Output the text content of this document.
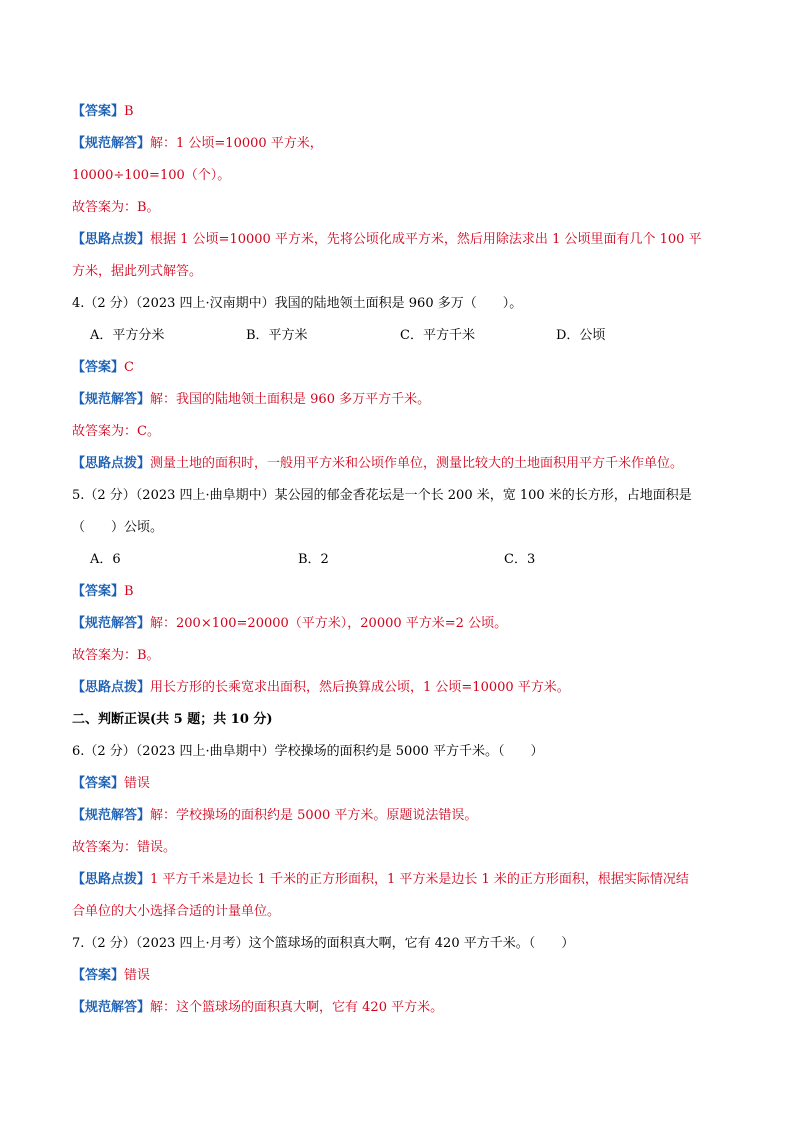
【答案】B
【规范解答】解：1 公顷=10000 平方米，
10000÷100=100（个）。
故答案为：B。
【思路点拨】根据 1 公顷=10000 平方米，先将公顷化成平方米，然后用除法求出 1 公顷里面有几个 100 平
方米，据此列式解答。
4.（2 分）（2023 四上·汉南期中）我国的陆地领土面积是 960 多万（　　）。
A．平方分米	B．平方米	C．平方千米	D．公顷
【答案】C
【规范解答】解：我国的陆地领土面积是 960 多万平方千米。
故答案为：C。
【思路点拨】测量土地的面积时，一般用平方米和公顷作单位，测量比较大的土地面积用平方千米作单位。
5.（2 分）（2023 四上·曲阜期中）某公园的郁金香花坛是一个长 200 米，宽 100 米的长方形，占地面积是
（　　）公顷。
A．6	B．2	C．3
【答案】B
【规范解答】解：200×100=20000（平方米），20000 平方米=2 公顷。
故答案为：B。
【思路点拨】用长方形的长乘宽求出面积，然后换算成公顷，1 公顷=10000 平方米。
二、判断正误(共 5 题；共 10 分)
6.（2 分）（2023 四上·曲阜期中）学校操场的面积约是 5000 平方千米。（　　）
【答案】错误
【规范解答】解：学校操场的面积约是 5000 平方米。原题说法错误。
故答案为：错误。
【思路点拨】1 平方千米是边长 1 千米的正方形面积，1 平方米是边长 1 米的正方形面积，根据实际情况结
合单位的大小选择合适的计量单位。
7.（2 分）（2023 四上·月考）这个篮球场的面积真大啊，它有 420 平方千米。（　　）
【答案】错误
【规范解答】解：这个篮球场的面积真大啊，它有 420 平方米。
